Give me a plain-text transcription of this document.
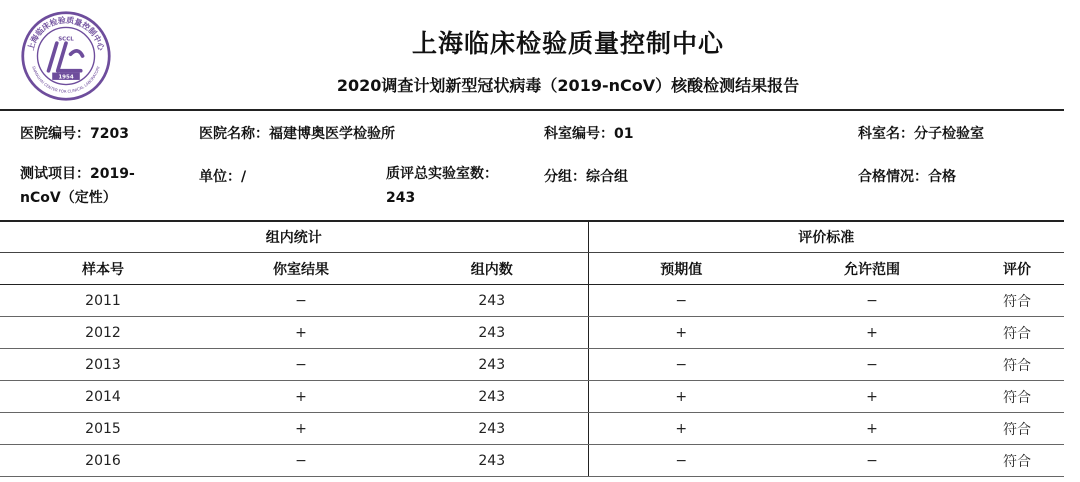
上海临床检验质量控制中心
SHANGHAI CENTER FOR CLINICAL LABORATORY
SCCL
1954
上海临床检验质量控制中心
2020调查计划新型冠状病毒（2019-nCoV）核酸检测结果报告
医院编号：7203	医院名称：福建博奥医学检验所	科室编号：01	科室名：分子检验室
测试项目：2019-nCoV（定性）
单位：/	质评总实验室数：243
分组：综合组	合格情况：合格
组内统计			评价标准		
样本号	你室结果	组内数	预期值	允许范围	评价
2011	−	243	−	−	符合
2012	+	243	+	+	符合
2013	−	243	−	−	符合
2014	+	243	+	+	符合
2015	+	243	+	+	符合
2016	−	243	−	−	符合
